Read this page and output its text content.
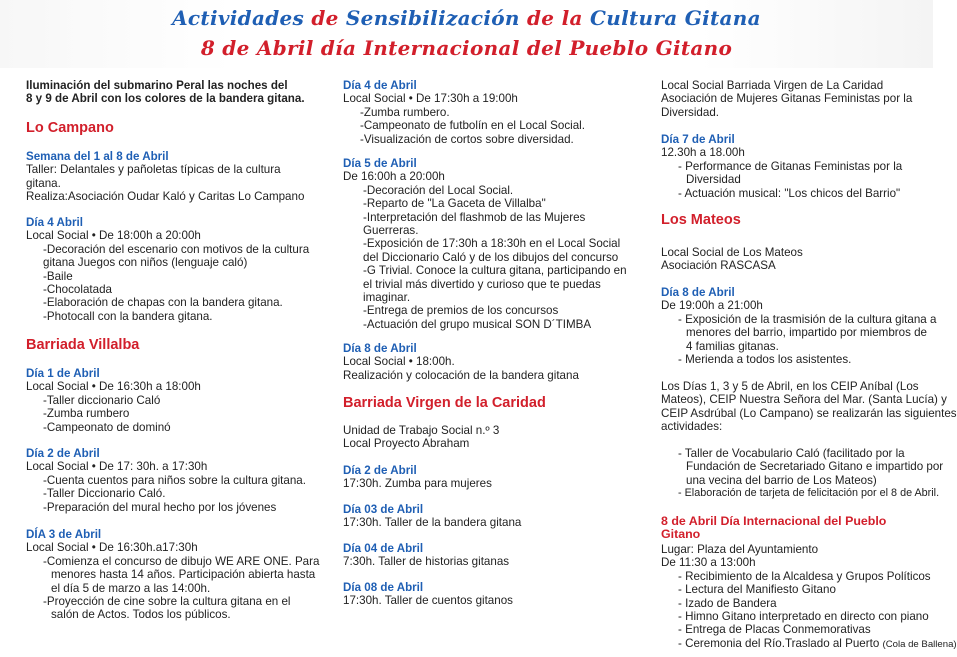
Actividades de Sensibilización de la Cultura Gitana
8 de Abril día Internacional del Pueblo Gitano
Iluminación del submarino Peral las noches del
8 y 9 de Abril con los colores de la bandera gitana.
Lo Campano
Semana del 1 al 8 de Abril
Taller: Delantales y pañoletas típicas de la cultura
gitana.
Realiza:Asociación Oudar Kaló y Caritas Lo Campano
Día 4 Abril
Local Social • De 18:00h a 20:00h
-Decoración del escenario con motivos de la cultura
gitana Juegos con niños (lenguaje caló)
-Baile
-Chocolatada
-Elaboración de chapas con la bandera gitana.
-Photocall con la bandera gitana.
Barriada Villalba
Día 1 de Abril
Local Social • De 16:30h a 18:00h
-Taller diccionario Caló
-Zumba rumbero
-Campeonato de dominó
Día 2 de Abril
Local Social • De 17: 30h. a 17:30h
-Cuenta cuentos para niños sobre la cultura gitana.
-Taller Diccionario Caló.
-Preparación del mural hecho por los jóvenes
DÍA 3 de Abril
Local Social • De 16:30h.a17:30h
-Comienza el concurso de dibujo WE ARE ONE. Para
menores hasta 14 años. Participación abierta hasta
el día 5 de marzo a las 14:00h.
-Proyección de cine sobre la cultura gitana en el
salón de Actos. Todos los públicos.
Día 4 de Abril
Local Social • De 17:30h a 19:00h
-Zumba rumbero.
-Campeonato de futbolín en el Local Social.
-Visualización de cortos sobre diversidad.
Día 5 de Abril
De 16:00h a 20:00h
-Decoración del Local Social.
-Reparto de "La Gaceta de Villalba"
-Interpretación del flashmob de las Mujeres
Guerreras.
-Exposición de 17:30h a 18:30h en el Local Social
del Diccionario Caló y de los dibujos del concurso
-G Trivial. Conoce la cultura gitana, participando en
el trivial más divertido y curioso que te puedas
imaginar.
-Entrega de premios de los concursos
-Actuación del grupo musical SON D´TIMBA
Día 8 de Abril
Local Social • 18:00h.
Realización y colocación de la bandera gitana
Barriada Virgen de la Caridad
Unidad de Trabajo Social n.º 3
Local Proyecto Abraham
Día 2 de Abril
17:30h. Zumba para mujeres
Día 03 de Abril
17:30h. Taller de la bandera gitana
Día 04 de Abril
7:30h. Taller de historias gitanas
Día 08 de Abril
17:30h. Taller de cuentos gitanos
Local Social Barriada Virgen de La Caridad
Asociación de Mujeres Gitanas Feministas por la
Diversidad.
Día 7 de Abril
12.30h a 18.00h
- Performance de Gitanas Feministas por la
Diversidad
- Actuación musical: "Los chicos del Barrio"
Los Mateos
Local Social de Los Mateos
Asociación RASCASA
Día 8 de Abril
De 19:00h a 21:00h
- Exposición de la trasmisión de la cultura gitana a
menores del barrio, impartido por miembros de
4 familias gitanas.
- Merienda a todos los asistentes.
Los Días 1, 3 y 5 de Abril, en los CEIP Aníbal (Los
Mateos), CEIP Nuestra Señora del Mar. (Santa Lucía) y
CEIP Asdrúbal (Lo Campano) se realizarán las siguientes
actividades:
- Taller de Vocabulario Caló (facilitado por la
Fundación de Secretariado Gitano e impartido por
una vecina del barrio de Los Mateos)
- Elaboración de tarjeta de felicitación por el 8 de Abril.
8 de Abril Día Internacional del Pueblo Gitano
Lugar: Plaza del Ayuntamiento
De 11:30 a 13:00h
- Recibimiento de la Alcaldesa y Grupos Políticos
- Lectura del Manifiesto Gitano
- Izado de Bandera
- Himno Gitano interpretado en directo con piano
- Entrega de Placas Conmemorativas
- Ceremonia del Río.Traslado al Puerto (Cola de Ballena)
